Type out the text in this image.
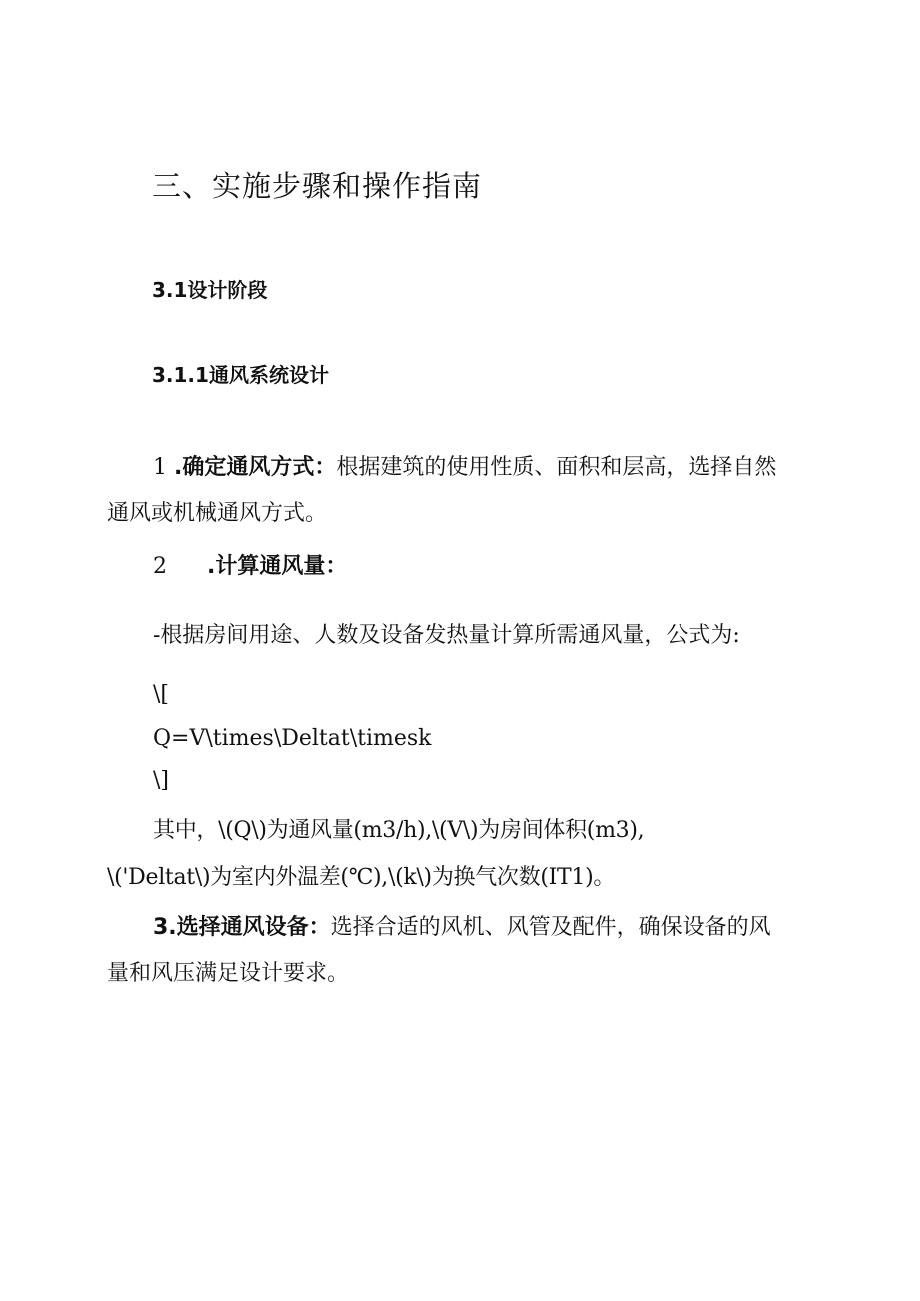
三、实施步骤和操作指南
3.1设计阶段
3.1.1通风系统设计
1 .确定通风方式：根据建筑的使用性质、面积和层高，选择自然
通风或机械通风方式。
2 .计算通风量：
-根据房间用途、人数及设备发热量计算所需通风量，公式为:
\[
Q=V\times\Deltat\timesk
\]
其中，\(Q\)为通风量(m3/h),\(V\)为房间体积(m3),
\('Deltat\)为室内外温差(℃),\(k\)为换气次数(IT1)。
3.选择通风设备：选择合适的风机、风管及配件，确保设备的风
量和风压满足设计要求。
